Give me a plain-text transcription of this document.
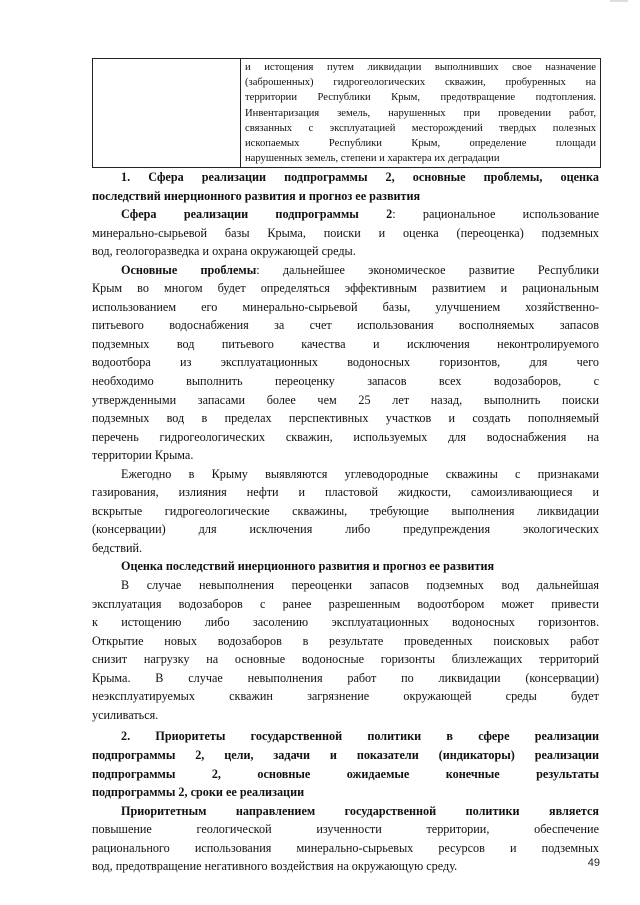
и истощения путем ликвидации выполнивших свое назначение
(заброшенных) гидрогеологических скважин, пробуренных на
территории Республики Крым, предотвращение подтопления.
Инвентаризация земель, нарушенных при проведении работ,
связанных с эксплуатацией месторождений твердых полезных
ископаемых Республики Крым, определение площади
нарушенных земель, степени и характера их деградации
1. Сфера реализации подпрограммы 2, основные проблемы, оценка
последствий инерционного развития и прогноз ее развития
Сфера реализации подпрограммы 2: рациональное использование
минерально-сырьевой базы Крыма, поиски и оценка (переоценка) подземных
вод, геологоразведка и охрана окружающей среды.
Основные проблемы: дальнейшее экономическое развитие Республики
Крым во многом будет определяться эффективным развитием и рациональным
использованием его минерально-сырьевой базы, улучшением хозяйственно-
питьевого водоснабжения за счет использования восполняемых запасов
подземных вод питьевого качества и исключения неконтролируемого
водоотбора из эксплуатационных водоносных горизонтов, для чего
необходимо выполнить переоценку запасов всех водозаборов, с
утвержденными запасами более чем 25 лет назад, выполнить поиски
подземных вод в пределах перспективных участков и создать пополняемый
перечень гидрогеологических скважин, используемых для водоснабжения на
территории Крыма.
Ежегодно в Крыму выявляются углеводородные скважины с признаками
газирования, излияния нефти и пластовой жидкости, самоизливающиеся и
вскрытые гидрогеологические скважины, требующие выполнения ликвидации
(консервации) для исключения либо предупреждения экологических
бедствий.
Оценка последствий инерционного развития и прогноз ее развития
В случае невыполнения переоценки запасов подземных вод дальнейшая
эксплуатация водозаборов с ранее разрешенным водоотбором может привести
к истощению либо засолению эксплуатационных водоносных горизонтов.
Открытие новых водозаборов в результате проведенных поисковых работ
снизит нагрузку на основные водоносные горизонты близлежащих территорий
Крыма. В случае невыполнения работ по ликвидации (консервации)
неэксплуатируемых скважин загрязнение окружающей среды будет
усиливаться.
2. Приоритеты государственной политики в сфере реализации
подпрограммы 2, цели, задачи и показатели (индикаторы) реализации
подпрограммы 2, основные ожидаемые конечные результаты
подпрограммы 2, сроки ее реализации
Приоритетным направлением государственной политики является
повышение геологической изученности территории, обеспечение
рационального использования минерально-сырьевых ресурсов и подземных
вод, предотвращение негативного воздействия на окружающую среду.	49
